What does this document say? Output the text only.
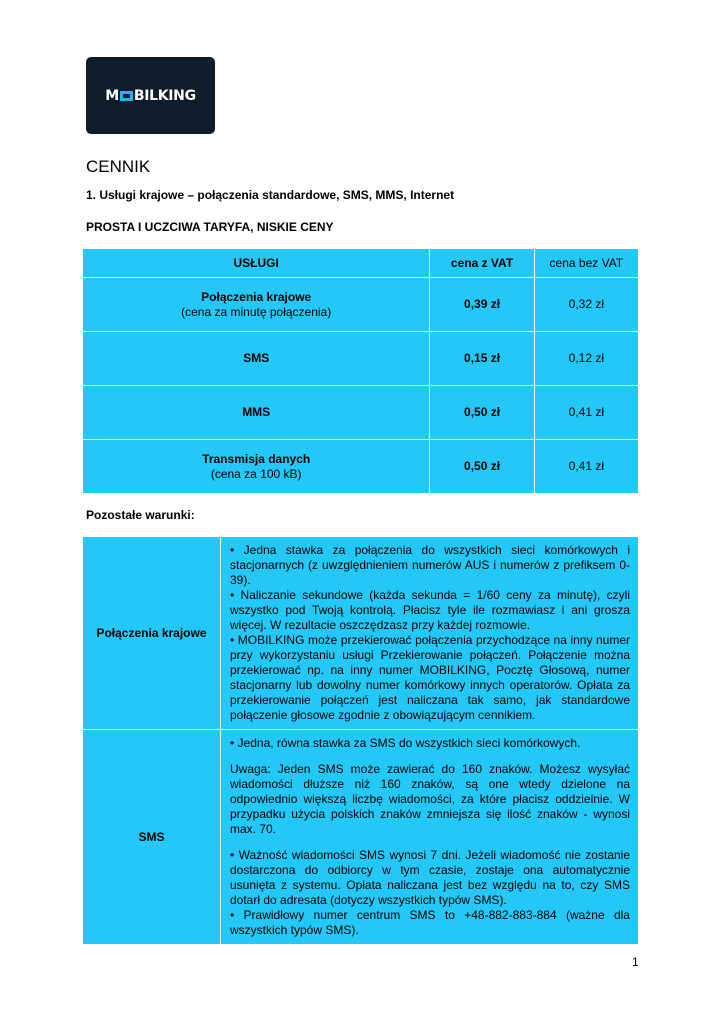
M BILKING
CENNIK
1. Usługi krajowe – połączenia standardowe, SMS, MMS, Internet
PROSTA I UCZCIWA TARYFA, NISKIE CENY
USŁUGI	cena z VAT	cena bez VAT

Połączenia krajowe
(cena za minutę połączenia)	0,39 zł	0,32 zł
SMS	0,15 zł	0,12 zł
MMS	0,50 zł	0,41 zł

Transmisja danych
(cena za 100 kB)	0,50 zł	0,41 zł
Pozostałe warunki:
Połączenia krajowe	• Jedna stawka za połączenia do wszystkich sieci komórkowych i stacjonarnych (z uwzględnieniem numerów AUS i numerów z prefiksem 0-39).

• Naliczanie sekundowe (każda sekunda = 1/60 ceny za minutę), czyli wszystko pod Twoją kontrolą. Płacisz tyle ile rozmawiasz i ani grosza więcej. W rezultacie oszczędzasz przy każdej rozmowie.

• MOBILKING może przekierować połączenia przychodzące na inny numer przy wykorzystaniu usługi Przekierowanie połączeń. Połączenie można przekierować np. na inny numer MOBILKING, Pocztę Głosową, numer stacjonarny lub dowolny numer komórkowy innych operatorów. Opłata za przekierowanie połączeń jest naliczana tak samo, jak standardowe połączenie głosowe zgodnie z obowiązującym cennikiem.

SMS	• Jedna, równa stawka za SMS do wszystkich sieci komórkowych.

Uwaga: Jeden SMS może zawierać do 160 znaków. Możesz wysyłać wiadomości dłuższe niż 160 znaków, są one wtedy dzielone na odpowiednio większą liczbę wiadomości, za które płacisz oddzielnie. W przypadku użycia polskich znaków zmniejsza się ilość znaków - wynosi max. 70.

• Ważność wiadomości SMS wynosi 7 dni. Jeżeli wiadomość nie zostanie dostarczona do odbiorcy w tym czasie, zostaje ona automatycznie usunięta z systemu. Opłata naliczana jest bez względu na to, czy SMS dotarł do adresata (dotyczy wszystkich typów SMS).

• Prawidłowy numer centrum SMS to +48-882-883-884 (ważne dla wszystkich typów SMS).

1
